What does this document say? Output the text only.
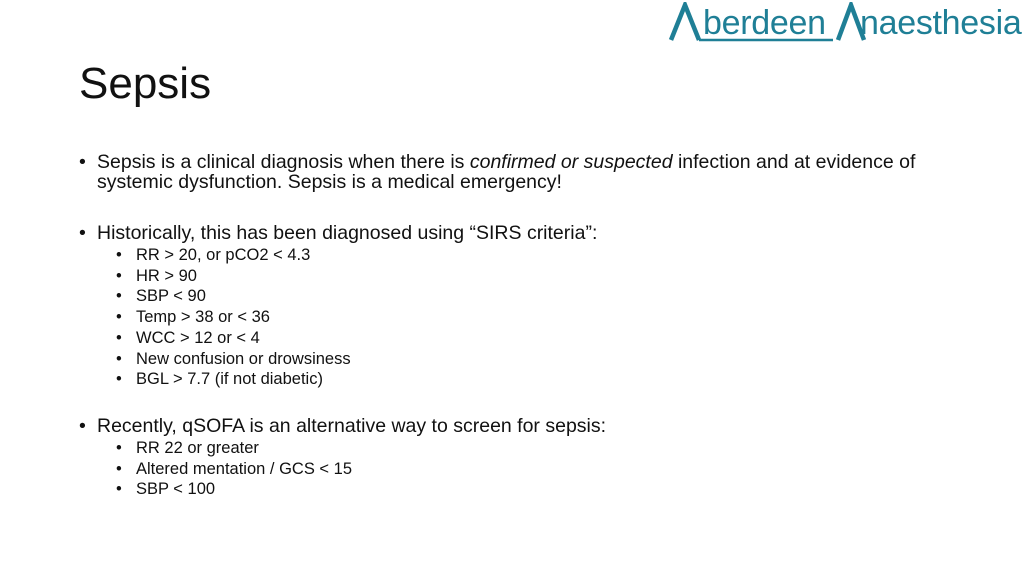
berdeen naesthesia
Sepsis

• Sepsis is a clinical diagnosis when there is confirmed or suspected infection and at evidence of systemic dysfunction. Sepsis is a medical emergency!

• Historically, this has been diagnosed using “SIRS criteria”:

• RR > 20, or pCO2 < 4.3
• HR > 90
• SBP < 90
• Temp > 38 or < 36
• WCC > 12 or < 4
• New confusion or drowsiness
• BGL > 7.7 (if not diabetic)

• Recently, qSOFA is an alternative way to screen for sepsis:

• RR 22 or greater
• Altered mentation / GCS < 15
• SBP < 100
